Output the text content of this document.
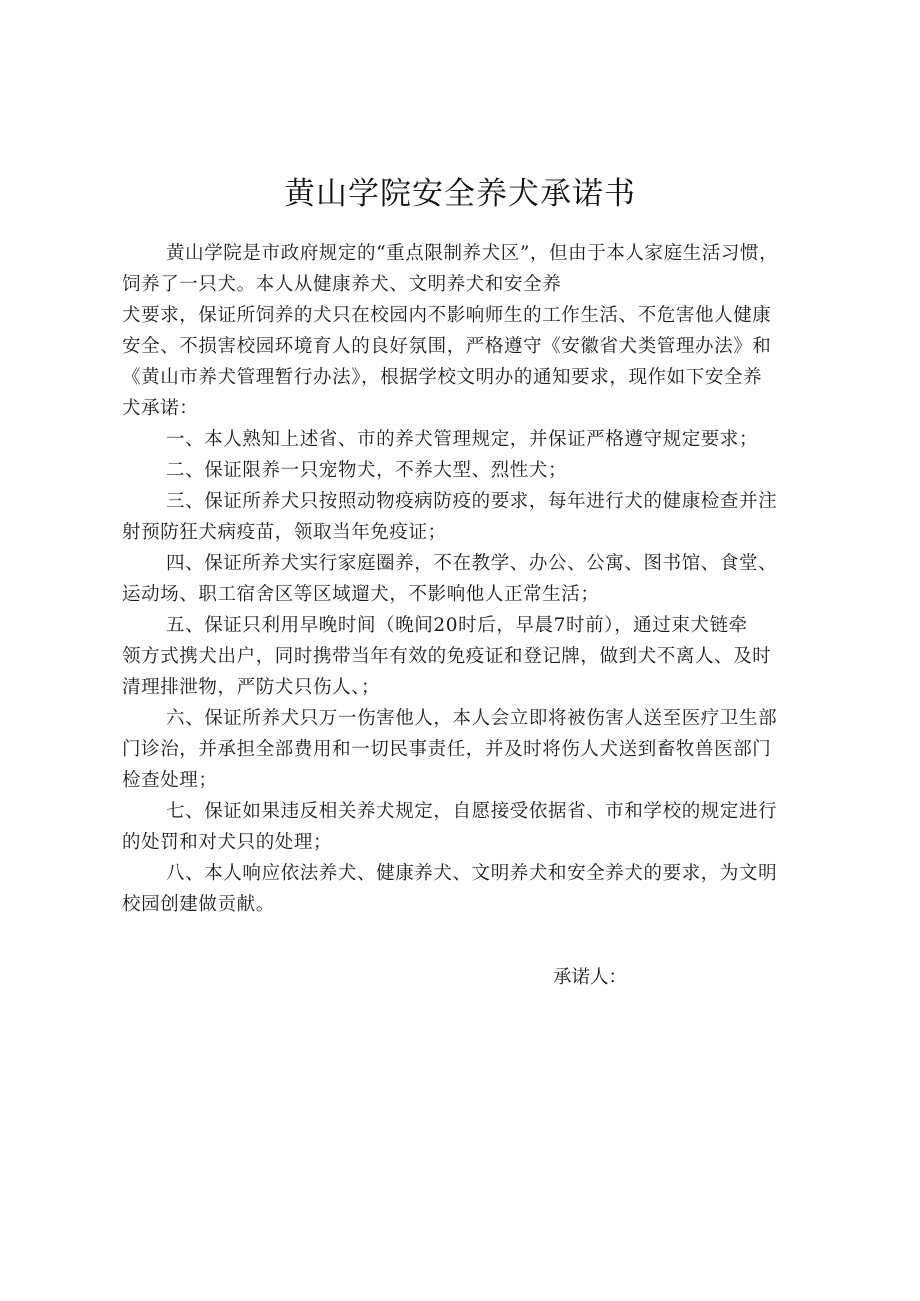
黄山学院安全养犬承诺书
黄山学院是市政府规定的“重点限制养犬区”，但由于本人家庭生活习惯，
饲养了一只犬。本人从健康养犬、文明养犬和安全养
犬要求，保证所饲养的犬只在校园内不影响师生的工作生活、不危害他人健康
安全、不损害校园环境育人的良好氛围，严格遵守《安徽省犬类管理办法》和
《黄山市养犬管理暂行办法》，根据学校文明办的通知要求，现作如下安全养
犬承诺：
一、本人熟知上述省、市的养犬管理规定，并保证严格遵守规定要求；
二、保证限养一只宠物犬，不养大型、烈性犬；
三、保证所养犬只按照动物疫病防疫的要求，每年进行犬的健康检查并注
射预防狂犬病疫苗，领取当年免疫证；
四、保证所养犬实行家庭圈养，不在教学、办公、公寓、图书馆、食堂、
运动场、职工宿舍区等区域遛犬，不影响他人正常生活；
五、保证只利用早晚时间（晚间20时后，早晨7时前），通过束犬链牵
领方式携犬出户，同时携带当年有效的免疫证和登记牌，做到犬不离人、及时
清理排泄物，严防犬只伤人、；
六、保证所养犬只万一伤害他人，本人会立即将被伤害人送至医疗卫生部
门诊治，并承担全部费用和一切民事责任，并及时将伤人犬送到畜牧兽医部门
检查处理；
七、保证如果违反相关养犬规定，自愿接受依据省、市和学校的规定进行
的处罚和对犬只的处理；
八、本人响应依法养犬、健康养犬、文明养犬和安全养犬的要求，为文明
校园创建做贡献。
承诺人：
